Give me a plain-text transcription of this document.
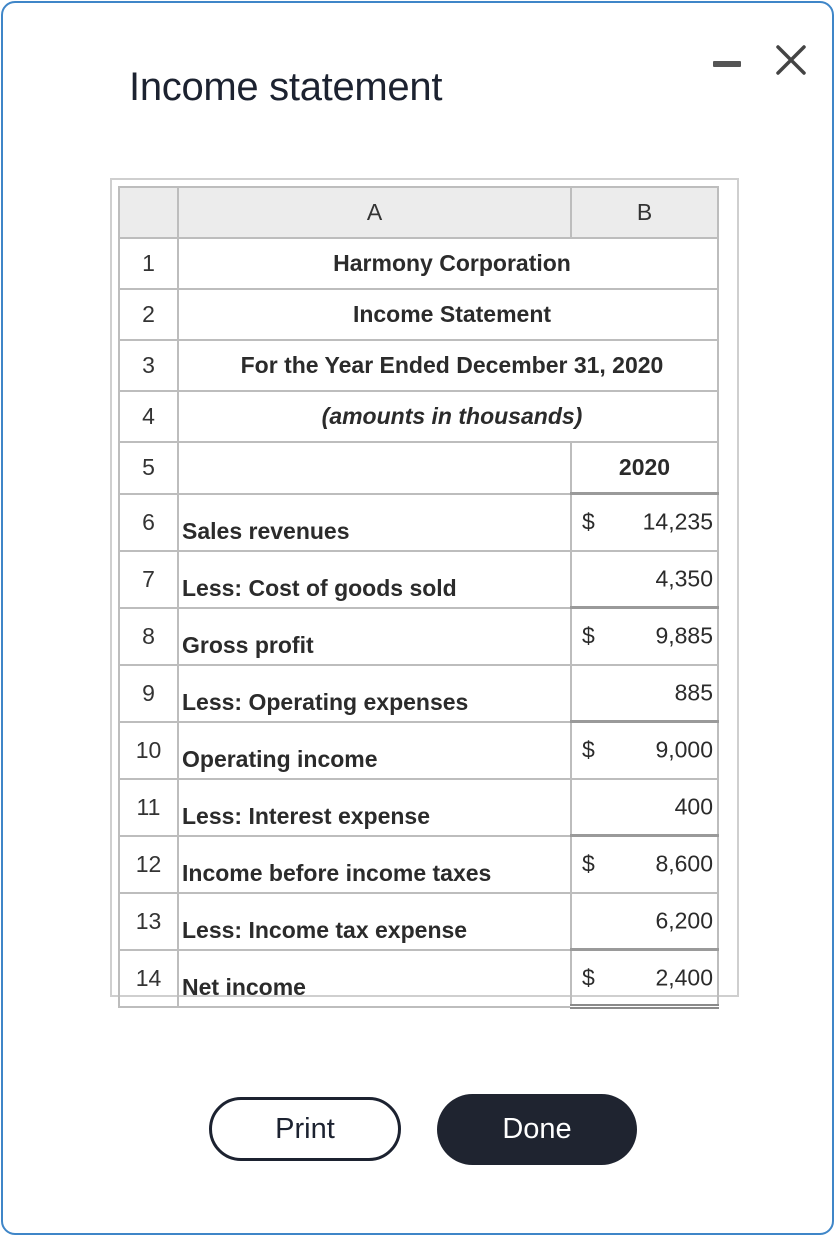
Income statement
	A	B
1	Harmony Corporation	
2	Income Statement	
3	For the Year Ended December 31, 2020	
4	(amounts in thousands)	
5		2020
6	Sales revenues	$ 14,235

7	Less: Cost of goods sold	4,350

8	Gross profit	$ 9,885

9	Less: Operating expenses	885

10	Operating income	$ 9,000

11	Less: Interest expense	400

12	Income before income taxes	$ 8,600

13	Less: Income tax expense	6,200

14	Net income	$ 2,400
Print	Done
